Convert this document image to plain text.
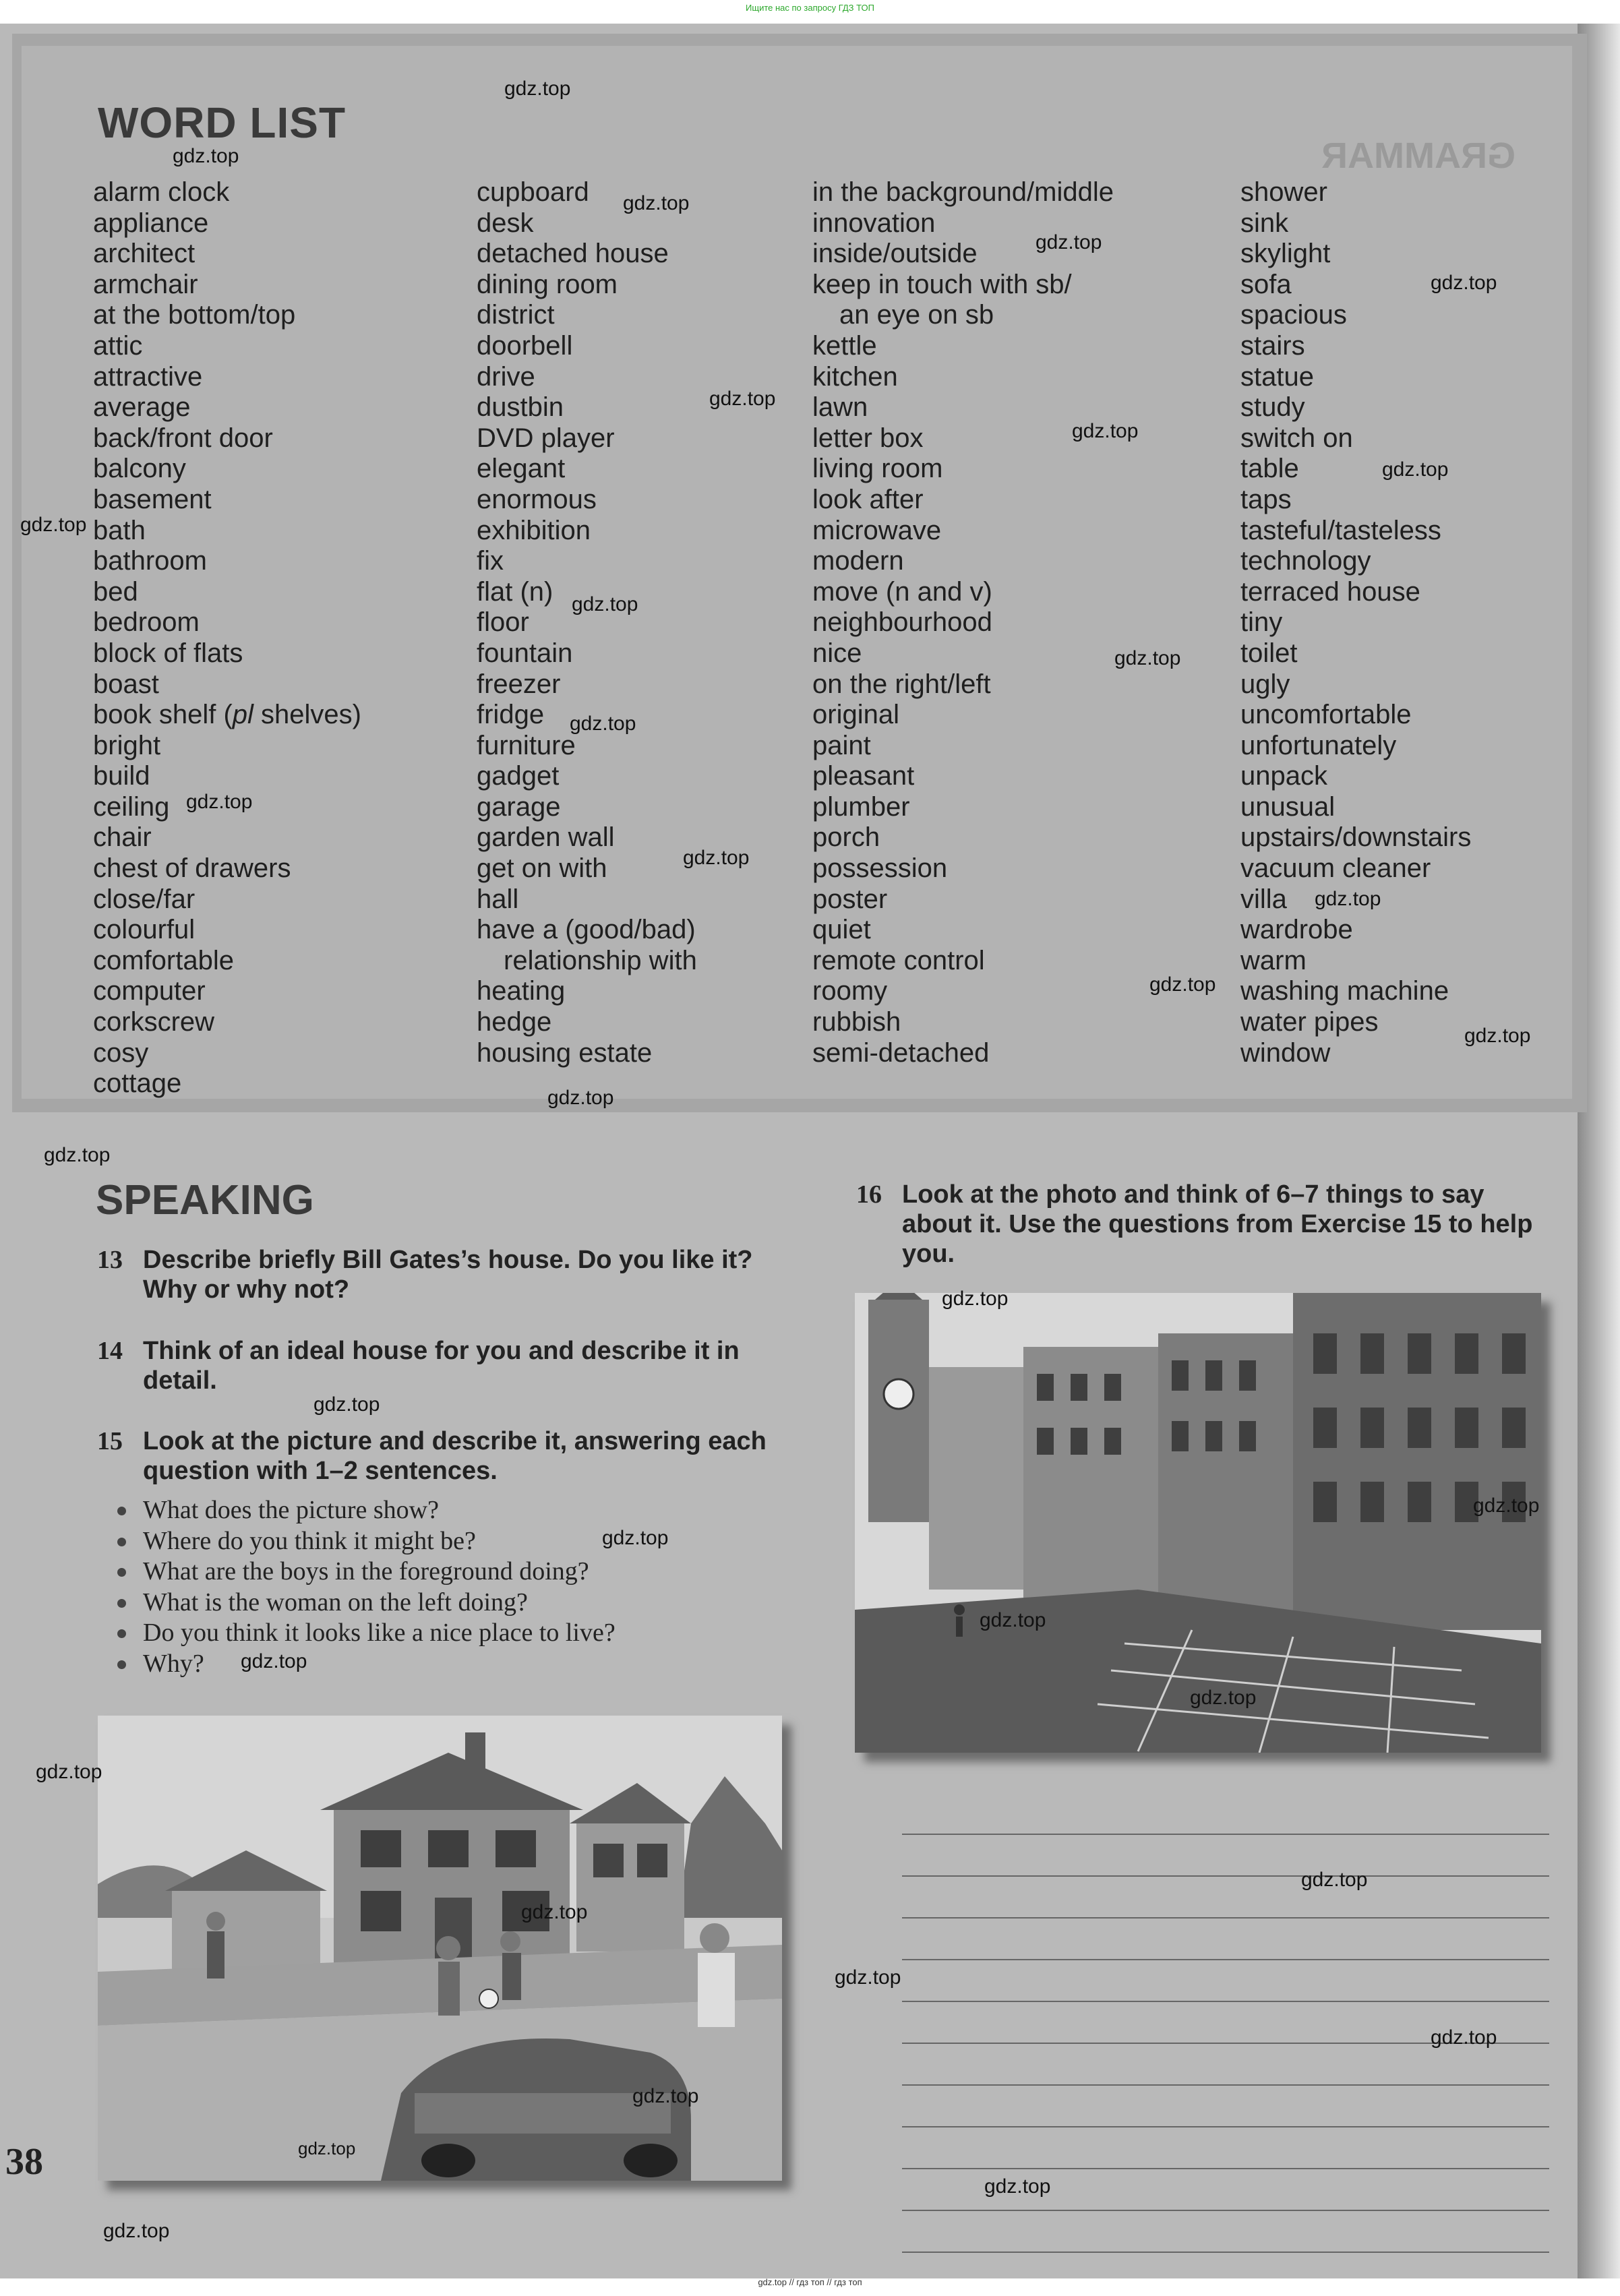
Ищите нас по запросу ГДЗ ТОП
GRAMMAR
WORD LIST
alarm clock
appliance
architect
armchair
at the bottom/top
attic
attractive
average
back/front door
balcony
basement
bath
bathroom
bed
bedroom
block of flats
boast
book shelf (pl shelves)
bright
build
ceiling
chair
chest of drawers
close/far
colourful
comfortable
computer
corkscrew
cosy
cottage
cupboard
desk
detached house
dining room
district
doorbell
drive
dustbin
DVD player
elegant
enormous
exhibition
fix
flat (n)
floor
fountain
freezer
fridge
furniture
gadget
garage
garden wall
get on with
hall
have a (good/bad)
relationship with
heating
hedge
housing estate
in the background/middle
innovation
inside/outside
keep in touch with sb/
an eye on sb
kettle
kitchen
lawn
letter box
living room
look after
microwave
modern
move (n and v)
neighbourhood
nice
on the right/left
original
paint
pleasant
plumber
porch
possession
poster
quiet
remote control
roomy
rubbish
semi-detached
shower
sink
skylight
sofa
spacious
stairs
statue
study
switch on
table
taps
tasteful/tasteless
technology
terraced house
tiny
toilet
ugly
uncomfortable
unfortunately
unpack
unusual
upstairs/downstairs
vacuum cleaner
villa
wardrobe
warm
washing machine
water pipes
window
SPEAKING
13 Describe briefly Bill Gates’s house. Do you like it? Why or why not?
14 Think of an ideal house for you and describe it in detail.
15 Look at the picture and describe it, answering each question with 1–2 sentences.
What does the picture show?
Where do you think it might be?
What are the boys in the foreground doing?
What is the woman on the left doing?
Do you think it looks like a nice place to live?
Why?
16 Look at the photo and think of 6–7 things to say about it. Use the questions from Exercise 15 to help you.
38
gdz.top
gdz.top
gdz.top
gdz.top
gdz.top
gdz.top
gdz.top
gdz.top
gdz.top
gdz.top
gdz.top
gdz.top
gdz.top
gdz.top
gdz.top
gdz.top
gdz.top
gdz.top
gdz.top
gdz.top
gdz.top
gdz.top
gdz.top
gdz.top
gdz.top
gdz.top
gdz.top
gdz.top
gdz.top
gdz.top
gdz.top
gdz.top
gdz.top
gdz.top
gdz.top
gdz.top // гдз топ // гдз топ
